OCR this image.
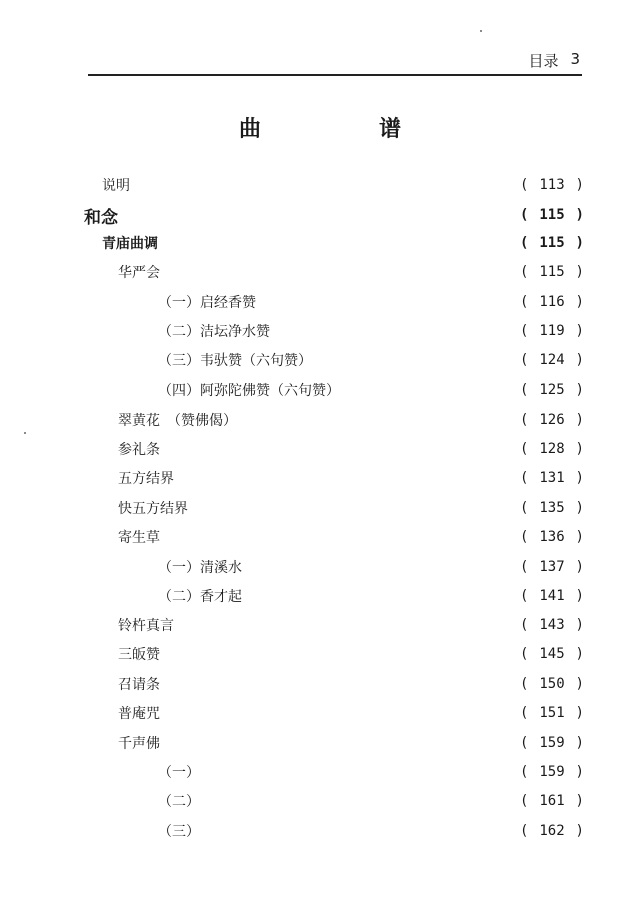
目录 3
曲　谱
说明	( 113 )
和念	( 115 )
青庙曲调	( 115 )
华严会	( 115 )
（一）启经香赞	( 116 )
（二）洁坛净水赞	( 119 )
（三）韦驮赞（六句赞）	( 124 )
（四）阿弥陀佛赞（六句赞）	( 125 )
翠黄花　（赞佛偈）	( 126 )
参礼条	( 128 )
五方结界	( 131 )
快五方结界	( 135 )
寄生草	( 136 )
（一）清溪水	( 137 )
（二）香才起	( 141 )
铃杵真言	( 143 )
三皈赞	( 145 )
召请条	( 150 )
普庵咒	( 151 )
千声佛	( 159 )
（一）	( 159 )
（二）	( 161 )
（三）	( 162 )
